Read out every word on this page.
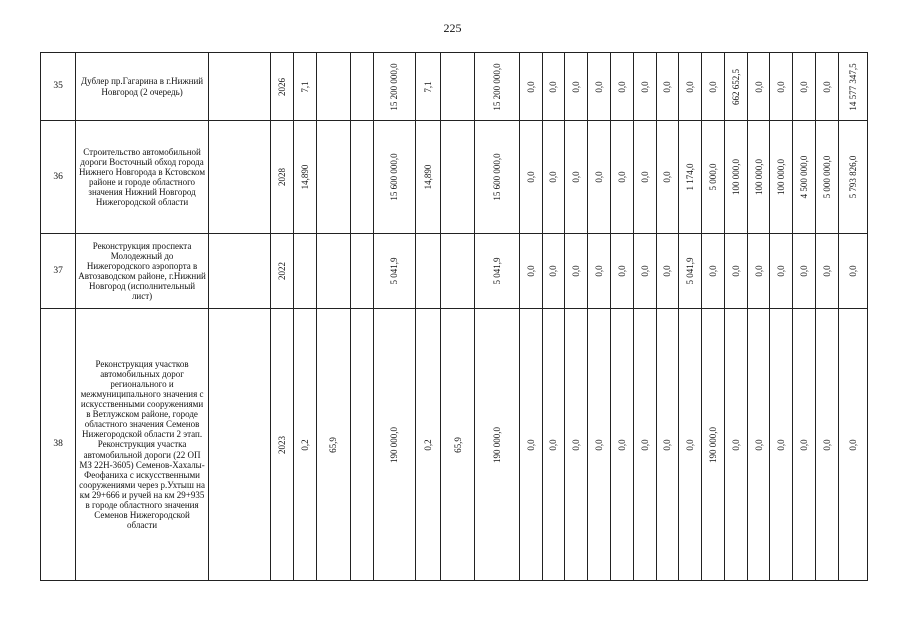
225
35	Дублер пр.Гагарина в г.Нижний Новгород (2 очередь)		2026	7,1			15 200 000,0	7,1		15 200 000,0	0,0	0,0	0,0	0,0	0,0	0,0	0,0	0,0	0,0	662 652,5	0,0	0,0	0,0	0,0	14 577 347,5

36	Строительство автомобильной дороги Восточный обход города Нижнего Новгорода в Кстовском районе и городе областного значения Нижний Новгород Нижегородской области		2028	14,890			15 600 000,0	14,890		15 600 000,0	0,0	0,0	0,0	0,0	0,0	0,0	0,0	1 174,0	5 000,0	100 000,0	100 000,0	100 000,0	4 500 000,0	5 000 000,0	5 793 826,0

37	Реконструкция проспекта Молодежный до Нижегородского аэропорта в Автозаводском районе, г.Нижний Новгород (исполнительный лист)		2022				5 041,9			5 041,9	0,0	0,0	0,0	0,0	0,0	0,0	0,0	5 041,9	0,0	0,0	0,0	0,0	0,0	0,0	0,0

38	Реконструкция участков автомобильных дорог регионального и межмуниципального значения с искусственными сооружениями в Ветлужском районе, городе областного значения Семенов Нижегородской области 2 этап. Реконструкция участка автомобильной дороги (22 ОП МЗ 22Н-3605) Семенов-Хахалы-Феофаниха с искусственными сооружениями через р.Ухтыш на км 29+666 и ручей на км 29+935 в городе областного значения Семенов Нижегородской области		2023	0,2	65,9		190 000,0	0,2	65,9	190 000,0	0,0	0,0	0,0	0,0	0,0	0,0	0,0	0,0	190 000,0	0,0	0,0	0,0	0,0	0,0	0,0
